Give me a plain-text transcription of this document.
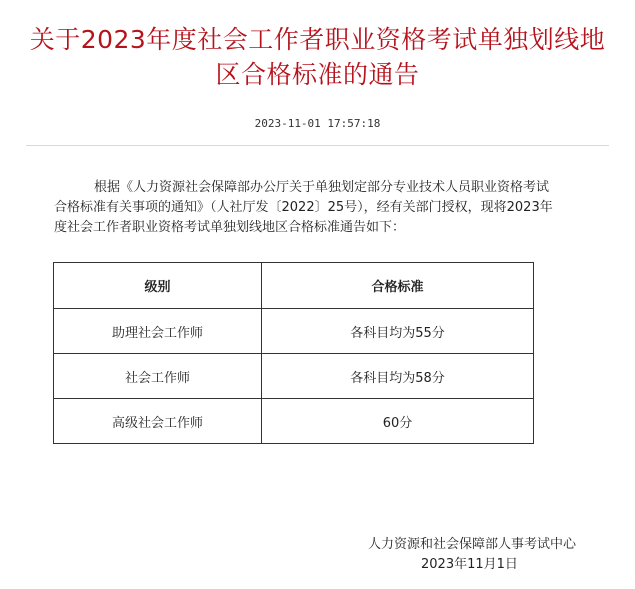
关于2023年度社会工作者职业资格考试单独划线地
区合格标准的通告
2023-11-01 17:57:18
根据《人力资源社会保障部办公厅关于单独划定部分专业技术人员职业资格考试
合格标准有关事项的通知》（人社厅发〔2022〕25号），经有关部门授权，现将2023年
度社会工作者职业资格考试单独划线地区合格标准通告如下：
级别	合格标准
助理社会工作师	各科目均为55分
社会工作师	各科目均为58分
高级社会工作师	60分
人力资源和社会保障部人事考试中心
2023年11月1日
